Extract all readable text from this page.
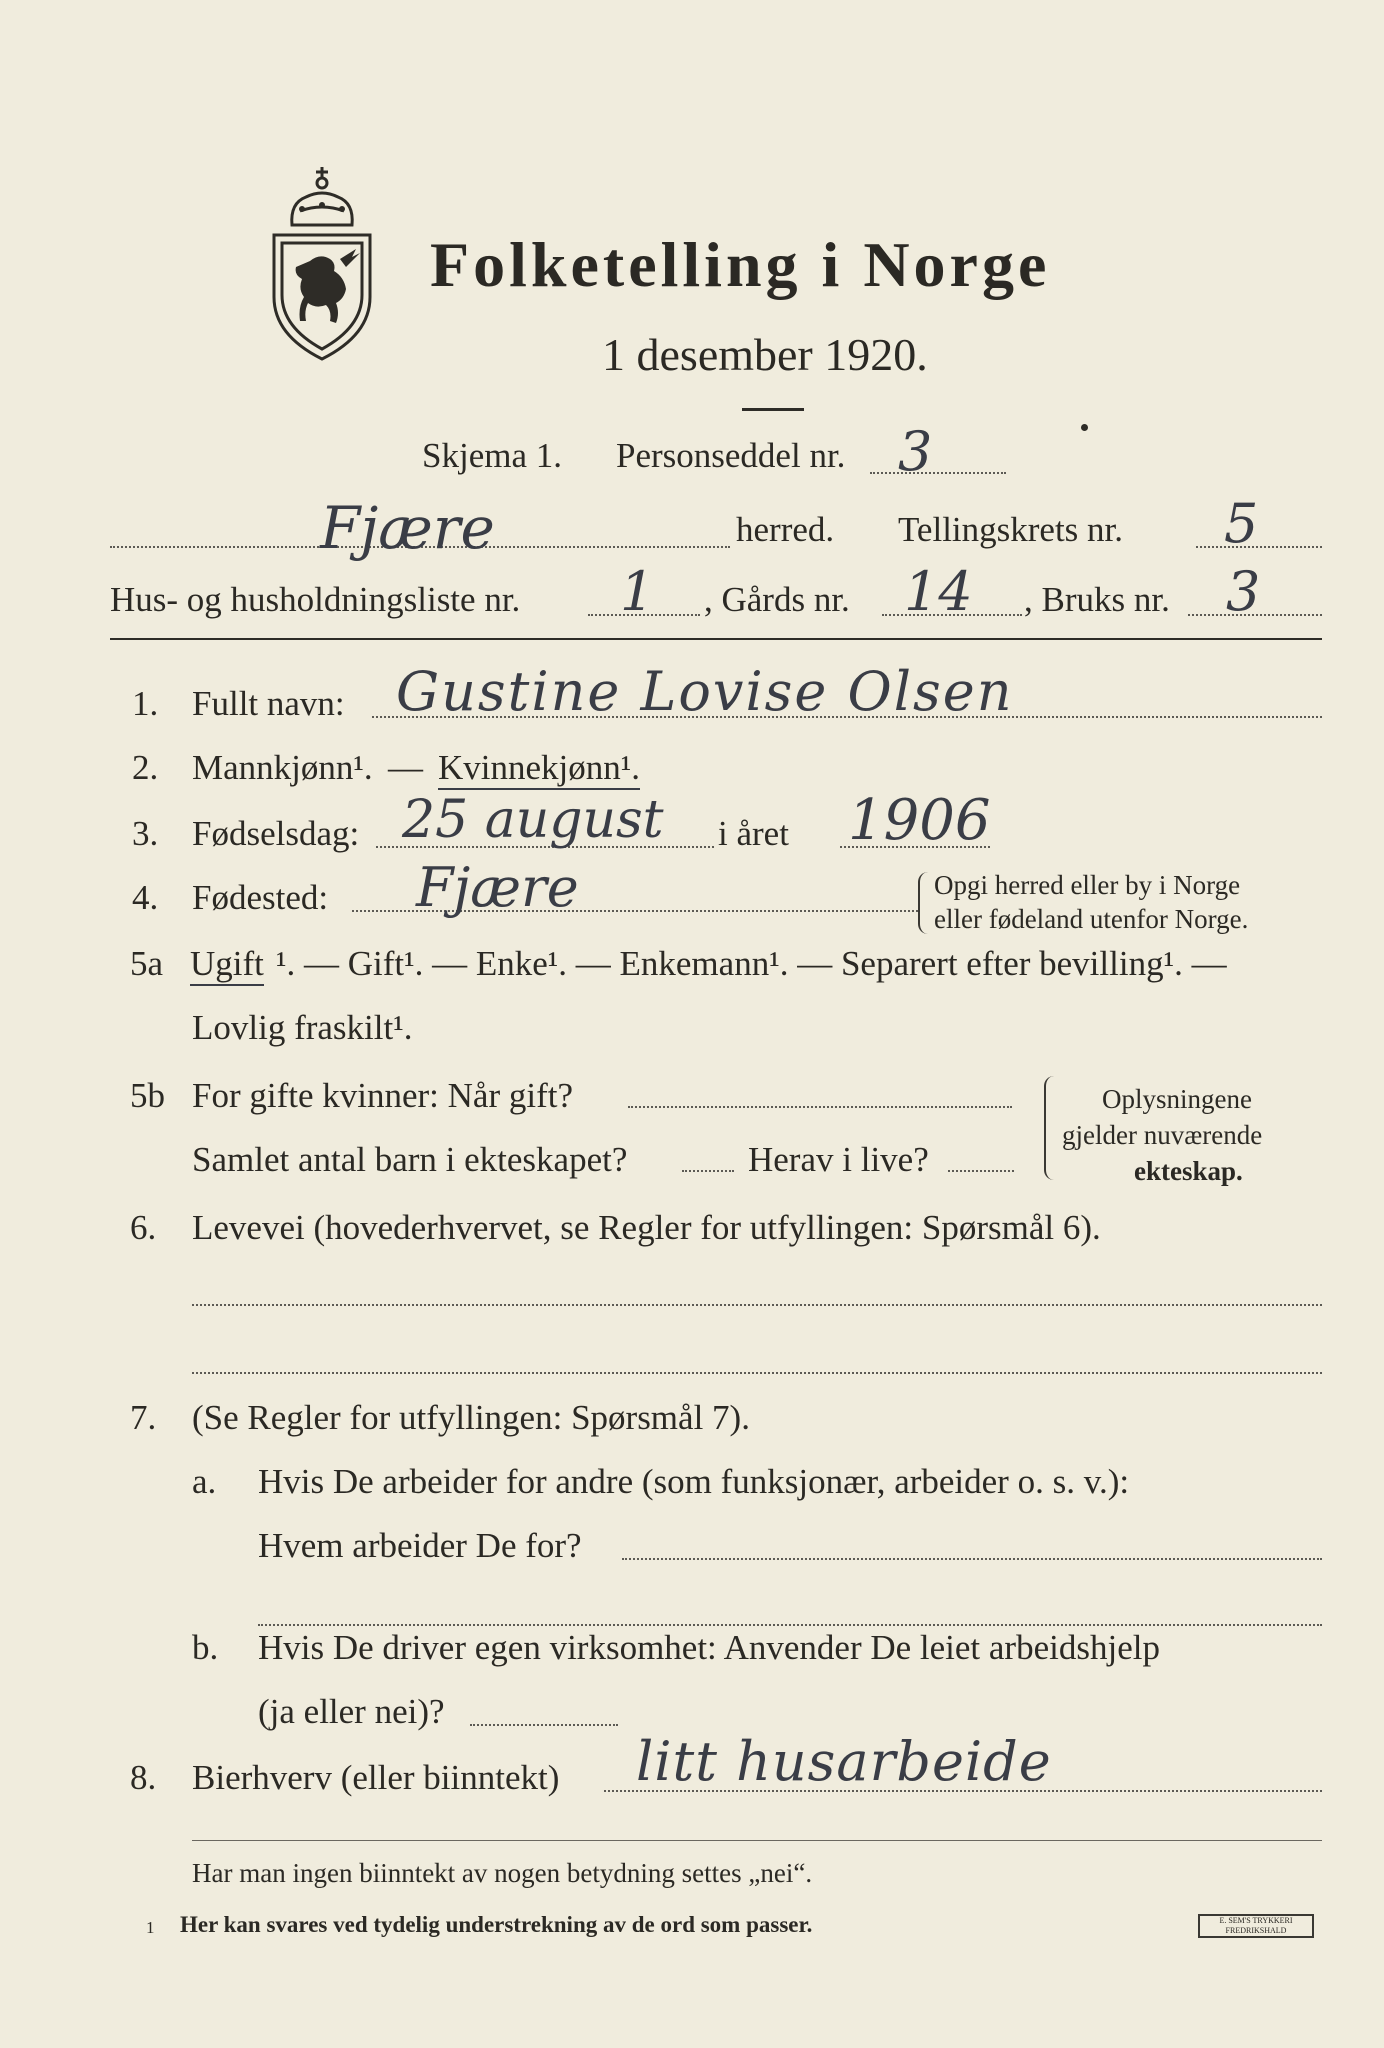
Folketelling i Norge
1 desember 1920.
Skjema 1. Personseddel nr. 3
Fjære	herred. Tellingskrets nr. 5
Hus- og husholdningsliste nr. 1 , Gårds nr. 14 , Bruks nr. 3
1. Fullt navn: Gustine Lovise Olsen
2. Mannkjønn¹. — Kvinnekjønn¹.
3. Fødselsdag: 25 august i året 1906
4. Fødested: Fjære	Opgi herred eller by i Norge
eller fødeland utenfor Norge.
5a Ugift ¹. — Gift¹. — Enke¹. — Enkemann¹. — Separert efter bevilling¹. —
Lovlig fraskilt¹.
5b For gifte kvinner: Når gift?
Samlet antal barn i ekteskapet?	Herav i live?
Oplysningene
gjelder nuværende
ekteskap.
6. Levevei (hovederhvervet, se Regler for utfyllingen: Spørsmål 6).
7. (Se Regler for utfyllingen: Spørsmål 7).
a. Hvis De arbeider for andre (som funksjonær, arbeider o. s. v.):
Hvem arbeider De for?
b. Hvis De driver egen virksomhet: Anvender De leiet arbeidshjelp
(ja eller nei)?
8. Bierhverv (eller biinntekt) litt husarbeide
Har man ingen biinntekt av nogen betydning settes „nei“.
1 Her kan svares ved tydelig understrekning av de ord som passer.	E. SEM'S TRYKKERI FREDRIKSHALD
